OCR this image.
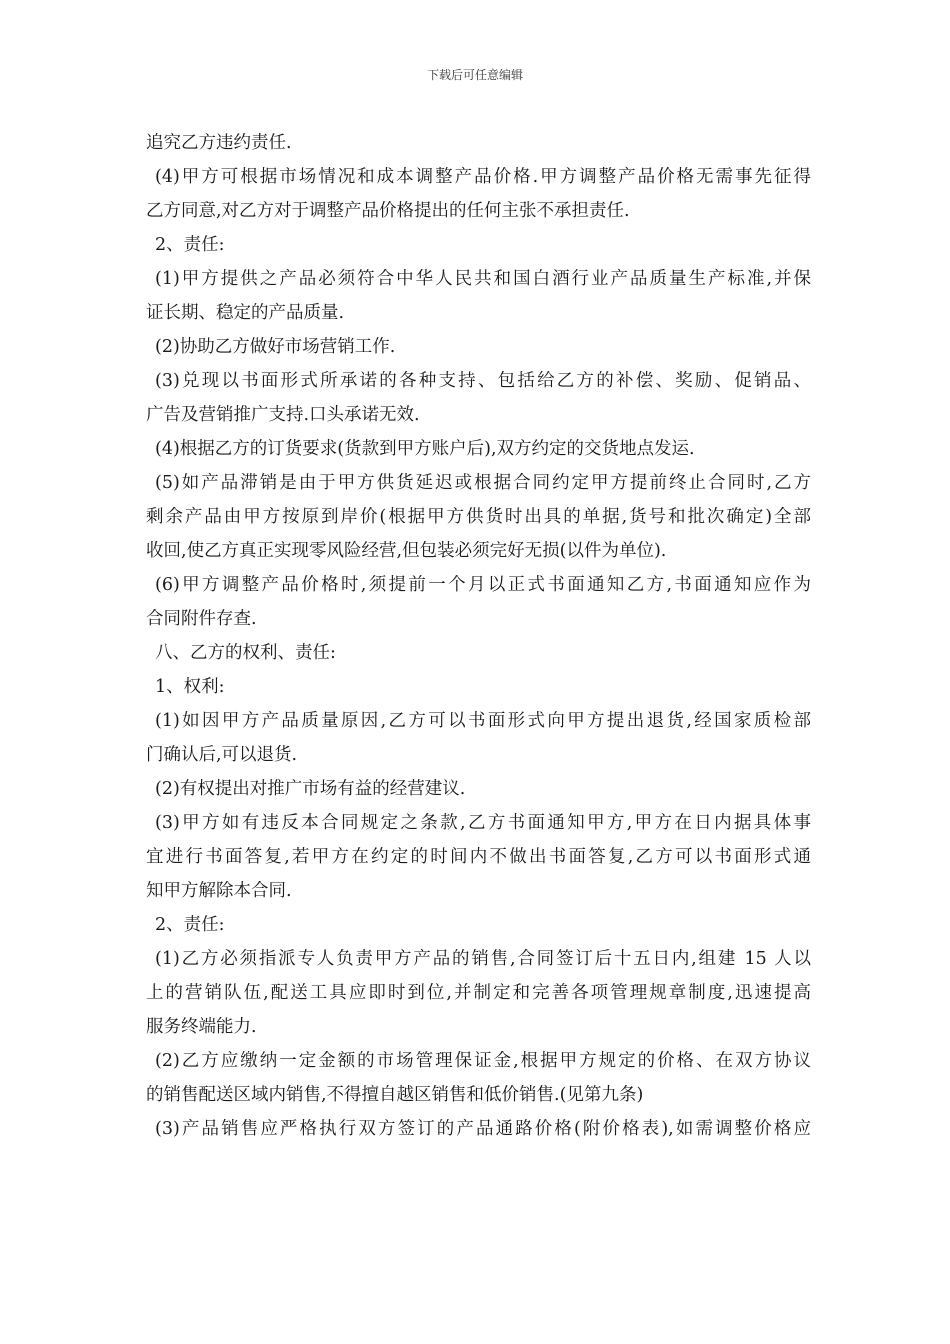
下载后可任意编辑
追究乙方违约责任.
(4)甲方可根据市场情况和成本调整产品价格.甲方调整产品价格无需事先征得
乙方同意,对乙方对于调整产品价格提出的任何主张不承担责任.
2、责任:
(1)甲方提供之产品必须符合中华人民共和国白酒行业产品质量生产标准,并保
证长期、稳定的产品质量.
(2)协助乙方做好市场营销工作.
(3)兑现以书面形式所承诺的各种支持、包括给乙方的补偿、奖励、促销品、
广告及营销推广支持.口头承诺无效.
(4)根据乙方的订货要求(货款到甲方账户后),双方约定的交货地点发运.
(5)如产品滞销是由于甲方供货延迟或根据合同约定甲方提前终止合同时,乙方
剩余产品由甲方按原到岸价(根据甲方供货时出具的单据,货号和批次确定)全部
收回,使乙方真正实现零风险经营,但包装必须完好无损(以件为单位).
(6)甲方调整产品价格时,须提前一个月以正式书面通知乙方,书面通知应作为
合同附件存查.
八、乙方的权利、责任:
1、权利:
(1)如因甲方产品质量原因,乙方可以书面形式向甲方提出退货,经国家质检部
门确认后,可以退货.
(2)有权提出对推广市场有益的经营建议.
(3)甲方如有违反本合同规定之条款,乙方书面通知甲方,甲方在日内据具体事
宜进行书面答复,若甲方在约定的时间内不做出书面答复,乙方可以书面形式通
知甲方解除本合同.
2、责任:
(1)乙方必须指派专人负责甲方产品的销售,合同签订后十五日内,组建 15 人以
上的营销队伍,配送工具应即时到位,并制定和完善各项管理规章制度,迅速提高
服务终端能力.
(2)乙方应缴纳一定金额的市场管理保证金,根据甲方规定的价格、在双方协议
的销售配送区域内销售,不得擅自越区销售和低价销售.(见第九条)
(3)产品销售应严格执行双方签订的产品通路价格(附价格表),如需调整价格应
